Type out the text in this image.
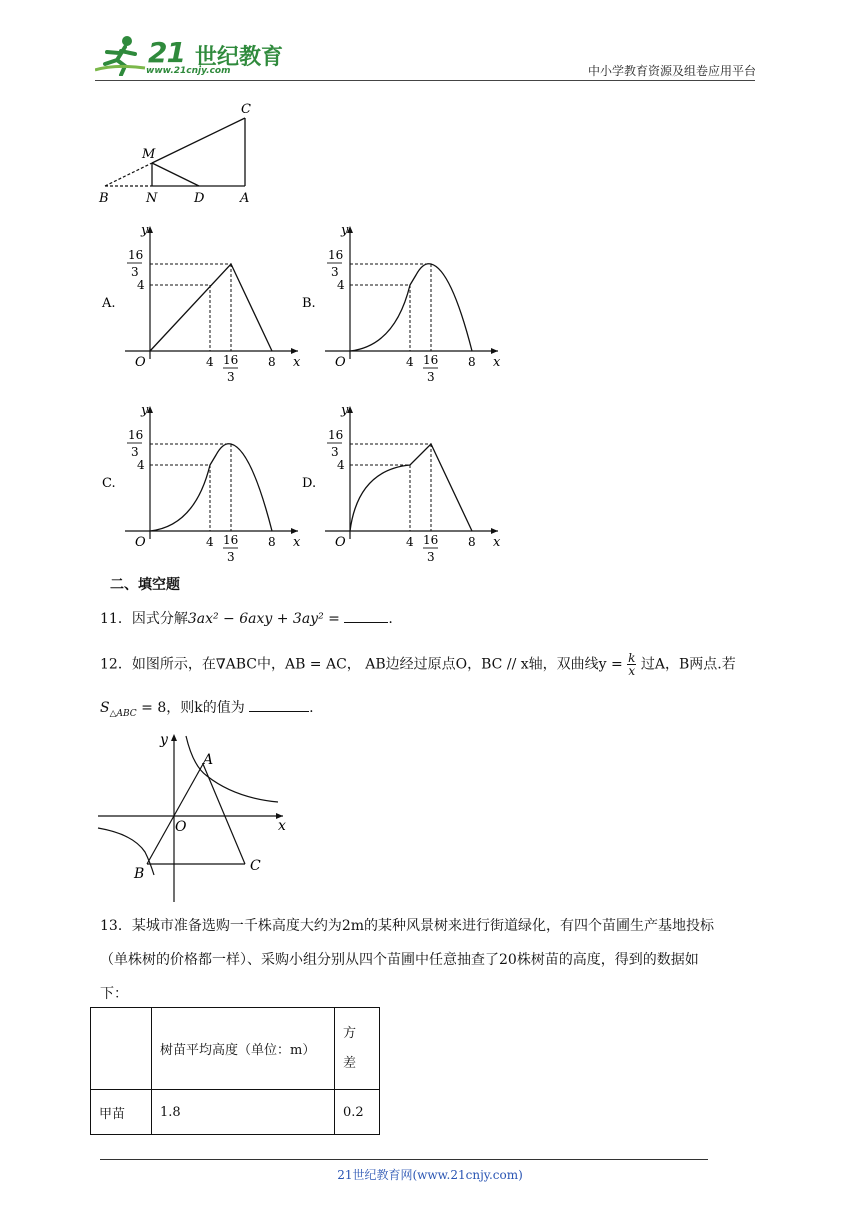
21 世纪教育
www.21cnjy.com	中小学教育资源及组卷应用平台
C
M
B	N	D	A
A.
y
x
O
16
3
4
4 16
3
8
B.
y
x
O
16
3
4
4 16
3
8
C.
y
x
O
16
3
4
4 16
3
8
D.
y
x
O
16
3
4
4 16
3
8
二、填空题
11．因式分解3ax² − 6axy + 3ay² =	.
12．如图所示，在∇ABC中，AB = AC， AB边经过原点O，BC // x轴，双曲线$y = \frac{k}{x}$ 过A，B两点.若
$S_{\triangle ABC} = 8$，则k的值为	.
y
A
O	x
B	C
13．某城市准备选购一千株高度大约为2m的某种风景树来进行街道绿化，有四个苗圃生产基地投标
（单株树的价格都一样）、采购小组分别从四个苗圃中任意抽查了20株树苗的高度，得到的数据如
下：
	树苗平均高度（单位：m）	方
差

甲苗	1.8	0.2
21世纪教育网(www.21cnjy.com)
